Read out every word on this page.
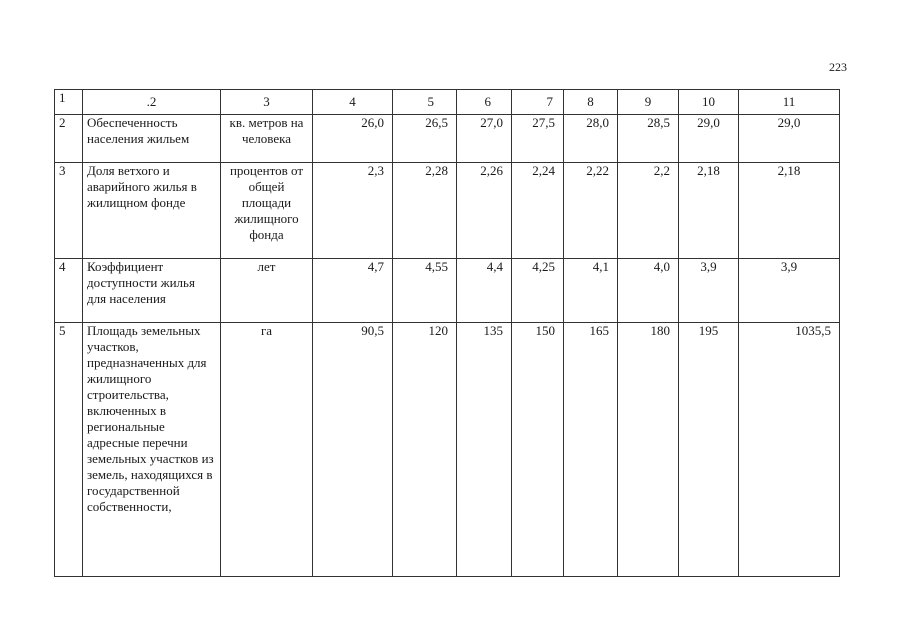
223
1	.2	3	4	5	6	7	8	9	10	11
2	Обеспеченность населения жильем	кв. метров на человека	26,0	26,5	27,0	27,5	28,0	28,5	29,0	29,0
3	Доля ветхого и аварийного жилья в жилищном фонде	процентов от общей площади жилищного фонда	2,3	2,28	2,26	2,24	2,22	2,2	2,18	2,18
4	Коэффициент доступности жилья для населения	лет	4,7	4,55	4,4	4,25	4,1	4,0	3,9	3,9
5	Площадь земельных участков, предназначенных для жилищного строительства, включенных в региональные адресные перечни земельных участков из земель, находящихся в государственной собственности,	га	90,5	120	135	150	165	180	195	1035,5
